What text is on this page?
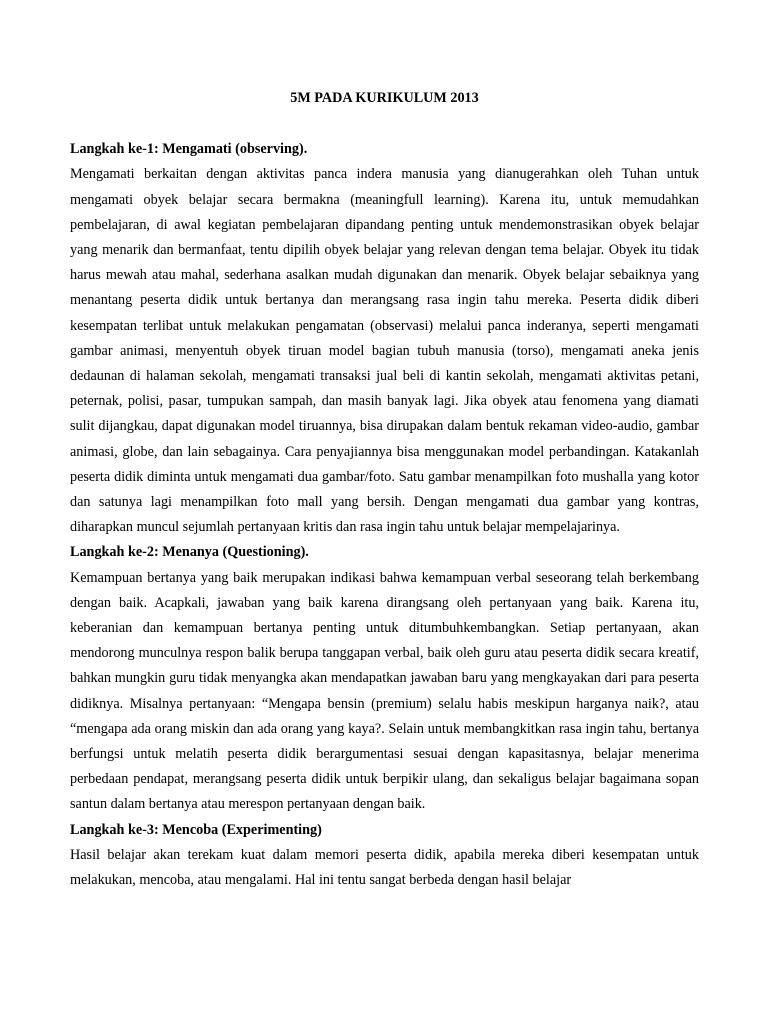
5M PADA KURIKULUM 2013
Langkah ke-1: Mengamati (observing).

Mengamati berkaitan dengan aktivitas panca indera manusia yang dianugerahkan oleh Tuhan untuk mengamati obyek belajar secara bermakna (meaningfull learning). Karena itu, untuk memudahkan pembelajaran, di awal kegiatan pembelajaran dipandang penting untuk mendemonstrasikan obyek belajar yang menarik dan bermanfaat, tentu dipilih obyek belajar yang relevan dengan tema belajar. Obyek itu tidak harus mewah atau mahal, sederhana asalkan mudah digunakan dan menarik. Obyek belajar sebaiknya yang menantang peserta didik untuk bertanya dan merangsang rasa ingin tahu mereka. Peserta didik diberi kesempatan terlibat untuk melakukan pengamatan (observasi) melalui panca inderanya, seperti mengamati gambar animasi, menyentuh obyek tiruan model bagian tubuh manusia (torso), mengamati aneka jenis dedaunan di halaman sekolah, mengamati transaksi jual beli di kantin sekolah, mengamati aktivitas petani, peternak, polisi, pasar, tumpukan sampah, dan masih banyak lagi. Jika obyek atau fenomena yang diamati sulit dijangkau, dapat digunakan model tiruannya, bisa dirupakan dalam bentuk rekaman video-audio, gambar animasi, globe, dan lain sebagainya. Cara penyajiannya bisa menggunakan model perbandingan. Katakanlah peserta didik diminta untuk mengamati dua gambar/foto. Satu gambar menampilkan foto mushalla yang kotor dan satunya lagi menampilkan foto mall yang bersih. Dengan mengamati dua gambar yang kontras, diharapkan muncul sejumlah pertanyaan kritis dan rasa ingin tahu untuk belajar mempelajarinya.

Langkah ke-2: Menanya (Questioning).

Kemampuan bertanya yang baik merupakan indikasi bahwa kemampuan verbal seseorang telah berkembang dengan baik. Acapkali, jawaban yang baik karena dirangsang oleh pertanyaan yang baik. Karena itu, keberanian dan kemampuan bertanya penting untuk ditumbuhkembangkan. Setiap pertanyaan, akan mendorong munculnya respon balik berupa tanggapan verbal, baik oleh guru atau peserta didik secara kreatif, bahkan mungkin guru tidak menyangka akan mendapatkan jawaban baru yang mengkayakan dari para peserta didiknya. Misalnya pertanyaan: “Mengapa bensin (premium) selalu habis meskipun harganya naik?, atau “mengapa ada orang miskin dan ada orang yang kaya?. Selain untuk membangkitkan rasa ingin tahu, bertanya berfungsi untuk melatih peserta didik berargumentasi sesuai dengan kapasitasnya, belajar menerima perbedaan pendapat, merangsang peserta didik untuk berpikir ulang, dan sekaligus belajar bagaimana sopan santun dalam bertanya atau merespon pertanyaan dengan baik.

Langkah ke-3: Mencoba (Experimenting)

Hasil belajar akan terekam kuat dalam memori peserta didik, apabila mereka diberi kesempatan untuk melakukan, mencoba, atau mengalami. Hal ini tentu sangat berbeda dengan hasil belajar
